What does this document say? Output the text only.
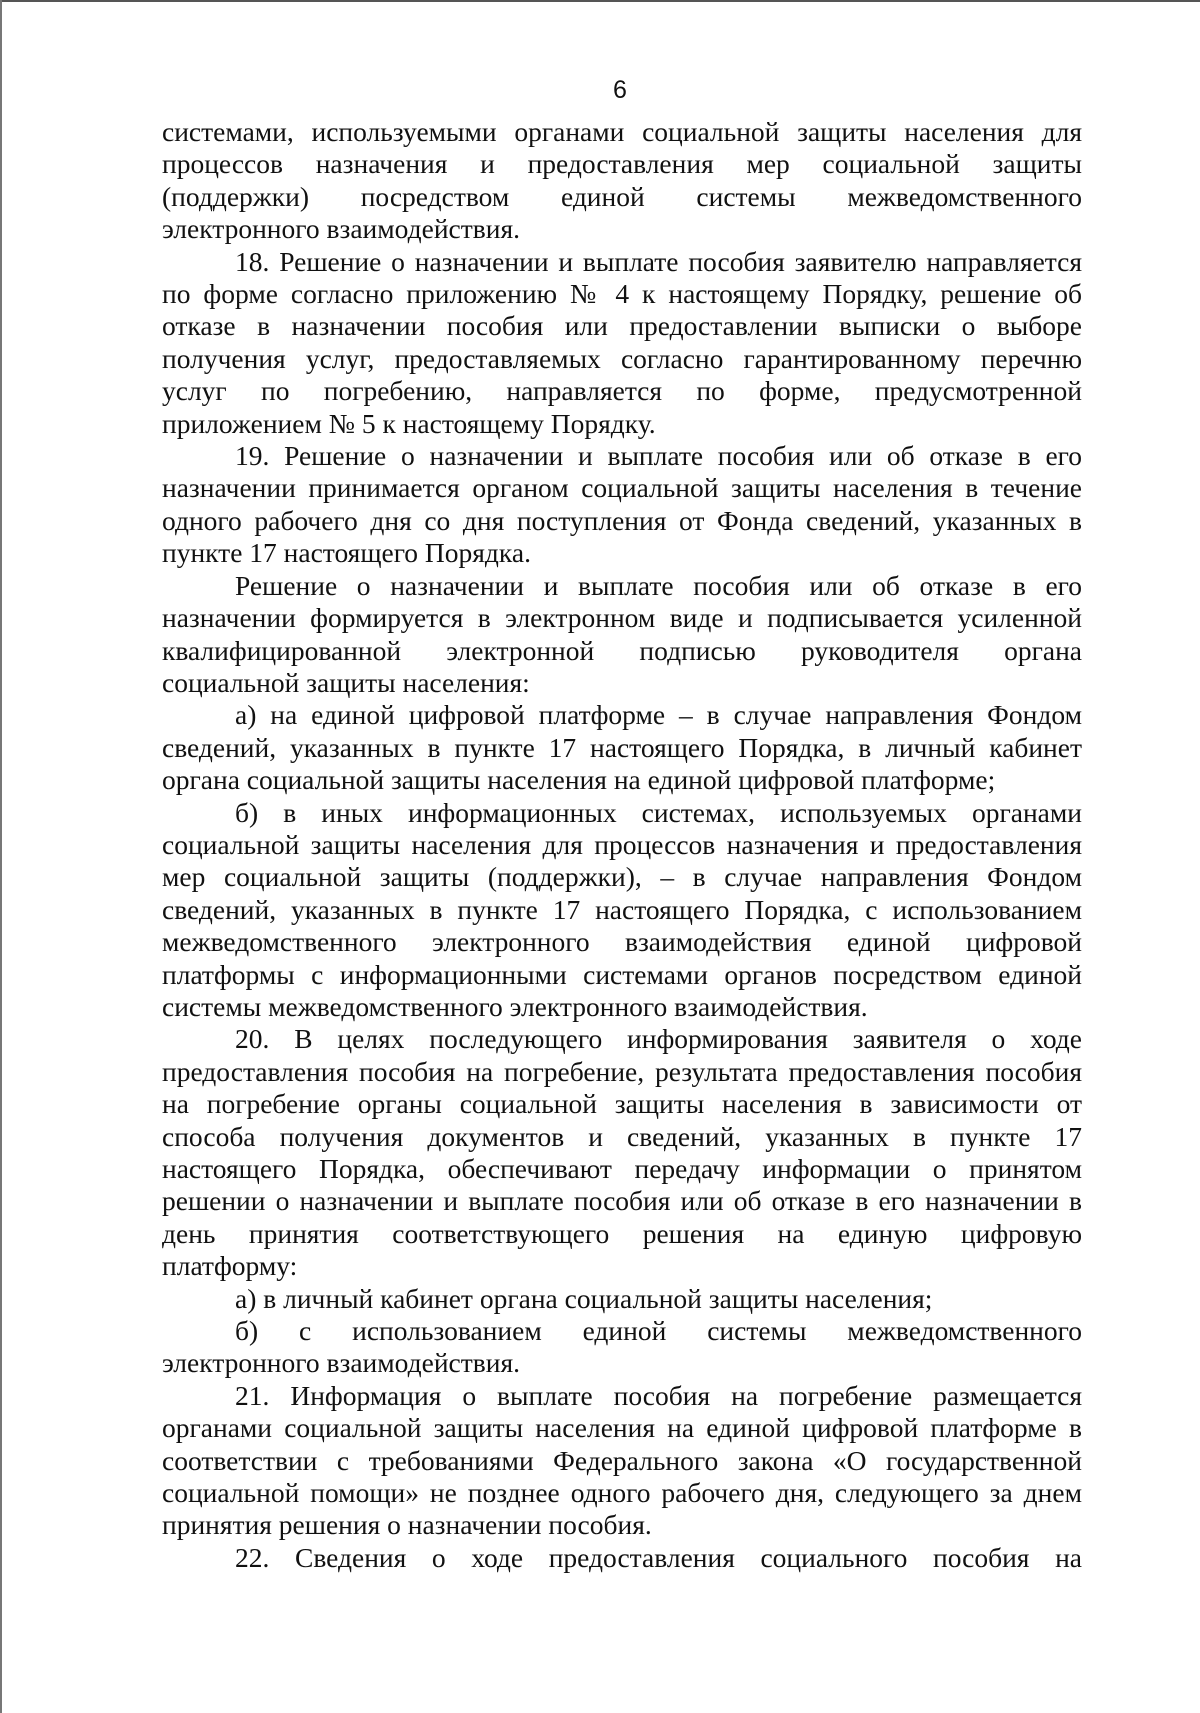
6
системами, используемыми органами социальной защиты населения для
процессов назначения и предоставления мер социальной защиты
(поддержки) посредством единой системы межведомственного
электронного взаимодействия.
18. Решение о назначении и выплате пособия заявителю направляется
по форме согласно приложению № 4 к настоящему Порядку, решение об
отказе в назначении пособия или предоставлении выписки о выборе
получения услуг, предоставляемых согласно гарантированному перечню
услуг по погребению, направляется по форме, предусмотренной
приложением № 5 к настоящему Порядку.
19. Решение о назначении и выплате пособия или об отказе в его
назначении принимается органом социальной защиты населения в течение
одного рабочего дня со дня поступления от Фонда сведений, указанных в
пункте 17 настоящего Порядка.
Решение о назначении и выплате пособия или об отказе в его
назначении формируется в электронном виде и подписывается усиленной
квалифицированной электронной подписью руководителя органа
социальной защиты населения:
а) на единой цифровой платформе – в случае направления Фондом
сведений, указанных в пункте 17 настоящего Порядка, в личный кабинет
органа социальной защиты населения на единой цифровой платформе;
б) в иных информационных системах, используемых органами
социальной защиты населения для процессов назначения и предоставления
мер социальной защиты (поддержки), – в случае направления Фондом
сведений, указанных в пункте 17 настоящего Порядка, с использованием
межведомственного электронного взаимодействия единой цифровой
платформы с информационными системами органов посредством единой
системы межведомственного электронного взаимодействия.
20. В целях последующего информирования заявителя о ходе
предоставления пособия на погребение, результата предоставления пособия
на погребение органы социальной защиты населения в зависимости от
способа получения документов и сведений, указанных в пункте 17
настоящего Порядка, обеспечивают передачу информации о принятом
решении о назначении и выплате пособия или об отказе в его назначении в
день принятия соответствующего решения на единую цифровую
платформу:
а) в личный кабинет органа социальной защиты населения;
б) с использованием единой системы межведомственного
электронного взаимодействия.
21. Информация о выплате пособия на погребение размещается
органами социальной защиты населения на единой цифровой платформе в
соответствии с требованиями Федерального закона «О государственной
социальной помощи» не позднее одного рабочего дня, следующего за днем
принятия решения о назначении пособия.
22. Сведения о ходе предоставления социального пособия на
